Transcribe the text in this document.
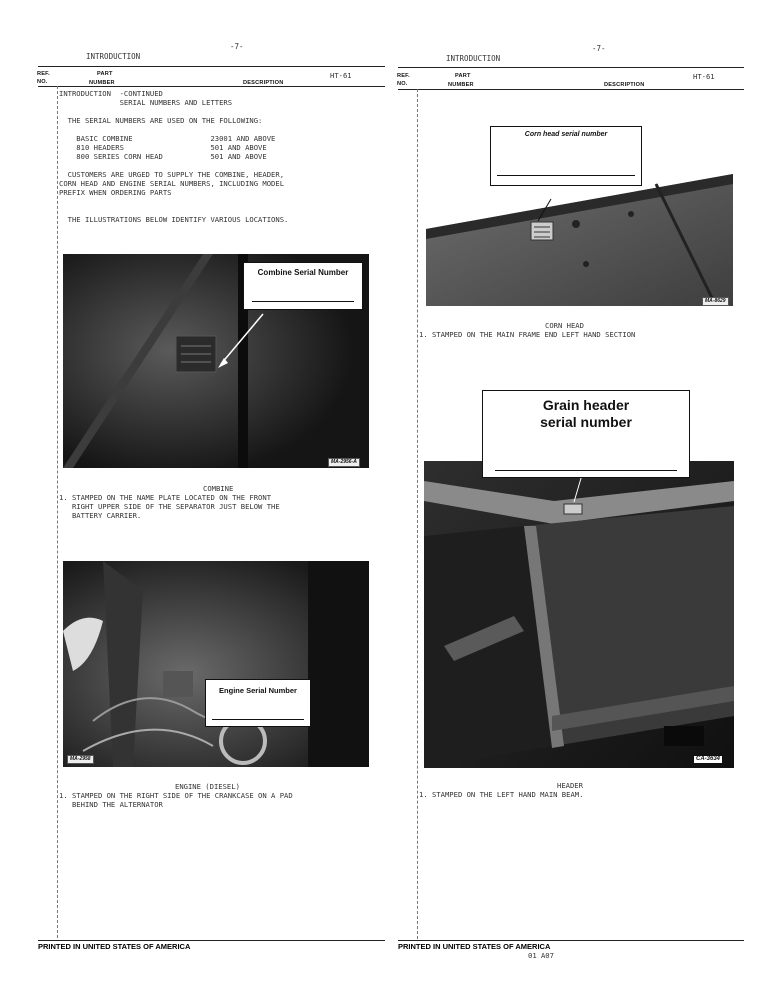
INTRODUCTION
-7-
REF.
NO.
PART
NUMBER	DESCRIPTION
HT-61
INTRODUCTION  -CONTINUED
SERIAL NUMBERS AND LETTERS

THE SERIAL NUMBERS ARE USED ON THE FOLLOWING:

BASIC COMBINE                  23001 AND ABOVE
810 HEADERS                    501 AND ABOVE
800 SERIES CORN HEAD           501 AND ABOVE

CUSTOMERS ARE URGED TO SUPPLY THE COMBINE, HEADER,
CORN HEAD AND ENGINE SERIAL NUMBERS, INCLUDING MODEL
PREFIX WHEN ORDERING PARTS

THE ILLUSTRATIONS BELOW IDENTIFY VARIOUS LOCATIONS.
Combine Serial Number
MA-2956-A
COMBINE
1. STAMPED ON THE NAME PLATE LOCATED ON THE FRONT
RIGHT UPPER SIDE OF THE SEPARATOR JUST BELOW THE
BATTERY CARRIER.
Engine Serial Number
MA-2958
ENGINE (DIESEL)
1. STAMPED ON THE RIGHT SIDE OF THE CRANKCASE ON A PAD
BEHIND THE ALTERNATOR
PRINTED IN UNITED STATES OF AMERICA
INTRODUCTION
-7-
REF.
NO.
PART
NUMBER	DESCRIPTION
HT-61
Corn head serial number
MA-8629
CORN HEAD
1. STAMPED ON THE MAIN FRAME END LEFT HAND SECTION
Grain header
serial number
CA-3634
HEADER
1. STAMPED ON THE LEFT HAND MAIN BEAM.
PRINTED IN UNITED STATES OF AMERICA
01 A07
